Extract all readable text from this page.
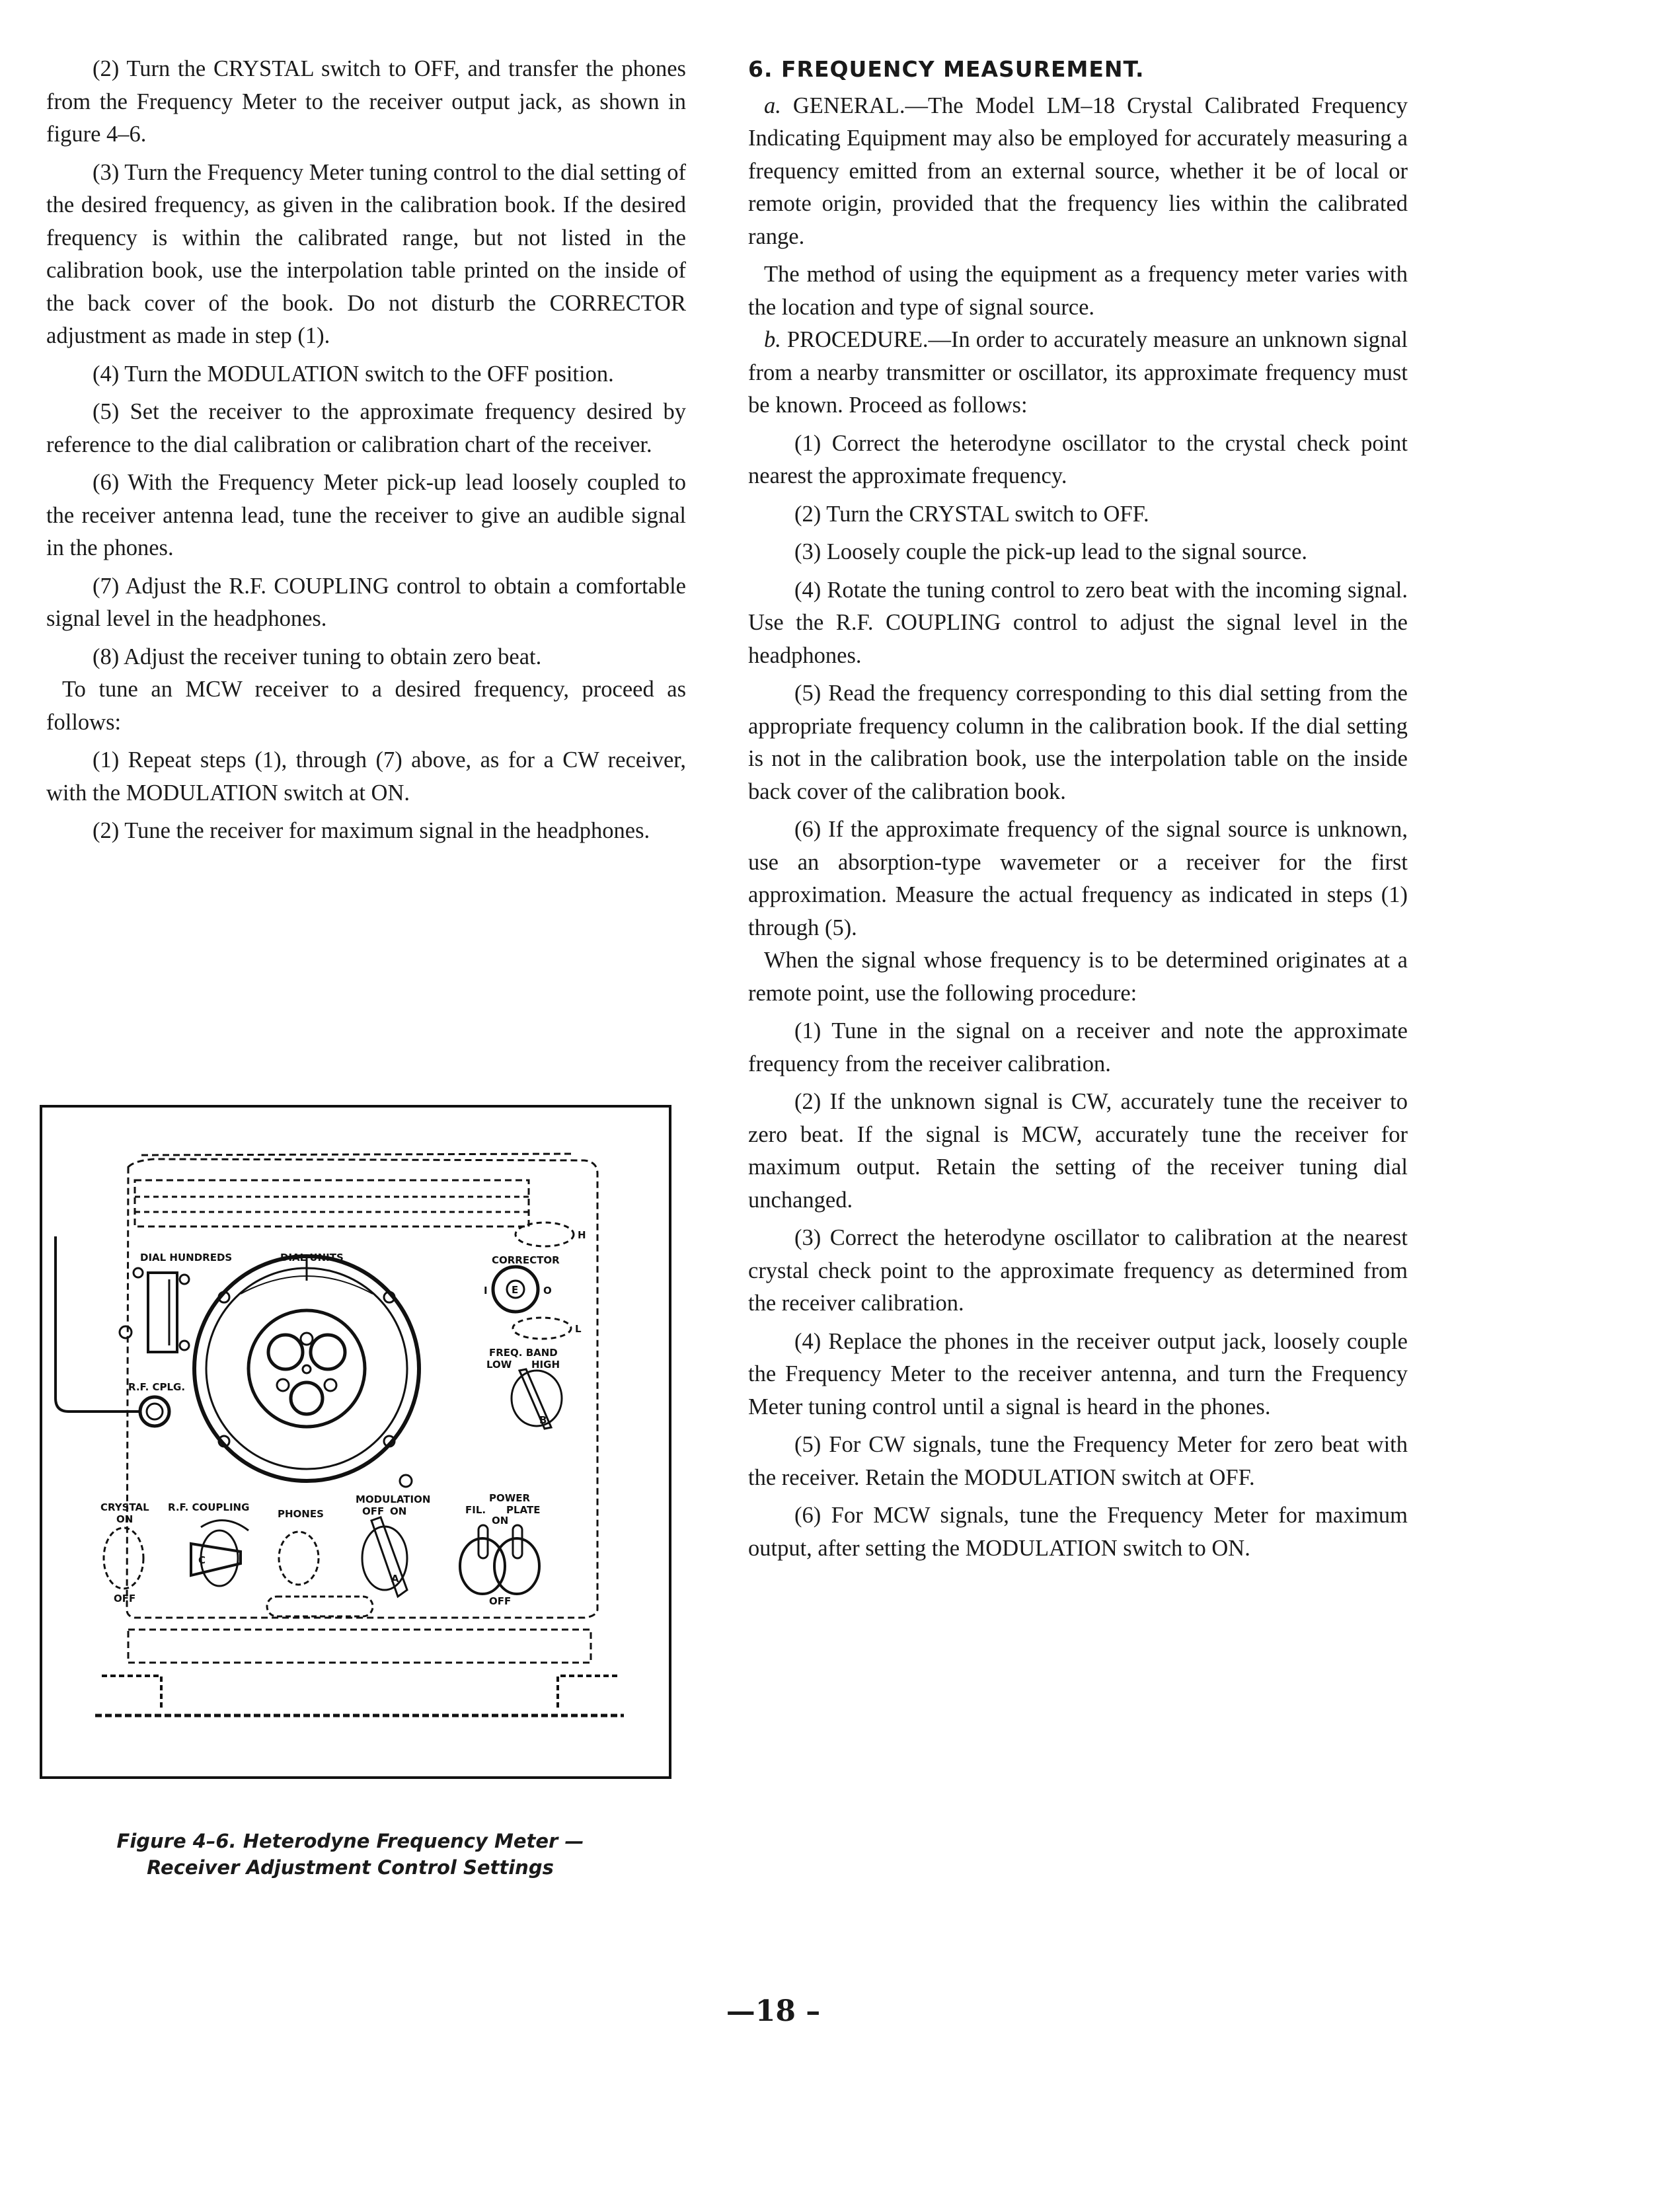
(2) Turn the CRYSTAL switch to OFF, and transfer the phones from the Frequency Meter to the receiver output jack, as shown in figure 4–6.

(3) Turn the Frequency Meter tuning control to the dial setting of the desired frequency, as given in the calibration book. If the desired frequency is within the calibrated range, but not listed in the calibration book, use the interpolation table printed on the inside of the back cover of the book. Do not disturb the CORRECTOR adjustment as made in step (1).

(4) Turn the MODULATION switch to the OFF position.

(5) Set the receiver to the approximate frequency desired by reference to the dial calibration or calibration chart of the receiver.

(6) With the Frequency Meter pick-up lead loosely coupled to the receiver antenna lead, tune the receiver to give an audible signal in the phones.

(7) Adjust the R.F. COUPLING control to obtain a comfortable signal level in the headphones.

(8) Adjust the receiver tuning to obtain zero beat.

To tune an MCW receiver to a desired frequency, proceed as follows:

(1) Repeat steps (1), through (7) above, as for a CW receiver, with the MODULATION switch at ON.

(2) Tune the receiver for maximum signal in the headphones.

DIAL HUNDREDS	DIAL UNITS	CORRECTOR
I	O
E
H
L
FREQ. BAND
LOW HIGH
B
R.F. CPLG.
CRYSTAL
ON
OFF
R.F. COUPLING
C
PHONES
MODULATION
OFF ON
A
POWER
FIL. PLATE
ON
OFF
Figure 4–6. Heterodyne Frequency Meter —
Receiver Adjustment Control Settings

6. FREQUENCY MEASUREMENT.

a. GENERAL.—The Model LM–18 Crystal Calibrated Frequency Indicating Equipment may also be employed for accurately measuring a frequency emitted from an external source, whether it be of local or remote origin, provided that the frequency lies within the calibrated range.

The method of using the equipment as a frequency meter varies with the location and type of signal source.

b. PROCEDURE.—In order to accurately measure an unknown signal from a nearby transmitter or oscillator, its approximate frequency must be known. Proceed as follows:

(1) Correct the heterodyne oscillator to the crystal check point nearest the approximate frequency.

(2) Turn the CRYSTAL switch to OFF.

(3) Loosely couple the pick-up lead to the signal source.

(4) Rotate the tuning control to zero beat with the incoming signal. Use the R.F. COUPLING control to adjust the signal level in the headphones.

(5) Read the frequency corresponding to this dial setting from the appropriate frequency column in the calibration book. If the dial setting is not in the calibration book, use the interpolation table on the inside back cover of the calibration book.

(6) If the approximate frequency of the signal source is unknown, use an absorption-type wavemeter or a receiver for the first approximation. Measure the actual frequency as indicated in steps (1) through (5).

When the signal whose frequency is to be determined originates at a remote point, use the following procedure:

(1) Tune in the signal on a receiver and note the approximate frequency from the receiver calibration.

(2) If the unknown signal is CW, accurately tune the receiver to zero beat. If the signal is MCW, accurately tune the receiver for maximum output. Retain the setting of the receiver tuning dial unchanged.

(3) Correct the heterodyne oscillator to calibration at the nearest crystal check point to the approximate frequency as determined from the receiver calibration.

(4) Replace the phones in the receiver output jack, loosely couple the Frequency Meter to the receiver antenna, and turn the Frequency Meter tuning control until a signal is heard in the phones.

(5) For CW signals, tune the Frequency Meter for zero beat with the receiver. Retain the MODULATION switch at OFF.

(6) For MCW signals, tune the Frequency Meter for maximum output, after setting the MODULATION switch to ON.

—18 –
